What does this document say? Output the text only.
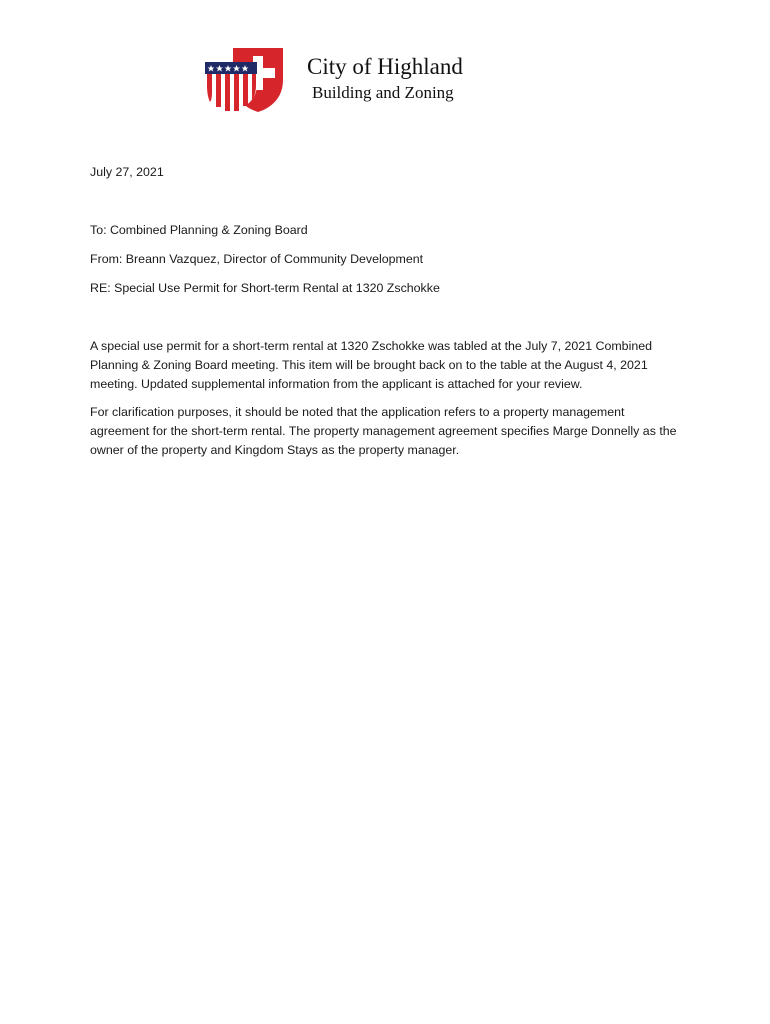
City of Highland
Building and Zoning
July 27, 2021
To: Combined Planning & Zoning Board
From: Breann Vazquez, Director of Community Development
RE: Special Use Permit for Short-term Rental at 1320 Zschokke
A special use permit for a short-term rental at 1320 Zschokke was tabled at the July 7, 2021 Combined Planning & Zoning Board meeting. This item will be brought back on to the table at the August 4, 2021 meeting. Updated supplemental information from the applicant is attached for your review.
For clarification purposes, it should be noted that the application refers to a property management agreement for the short-term rental. The property management agreement specifies Marge Donnelly as the owner of the property and Kingdom Stays as the property manager.
